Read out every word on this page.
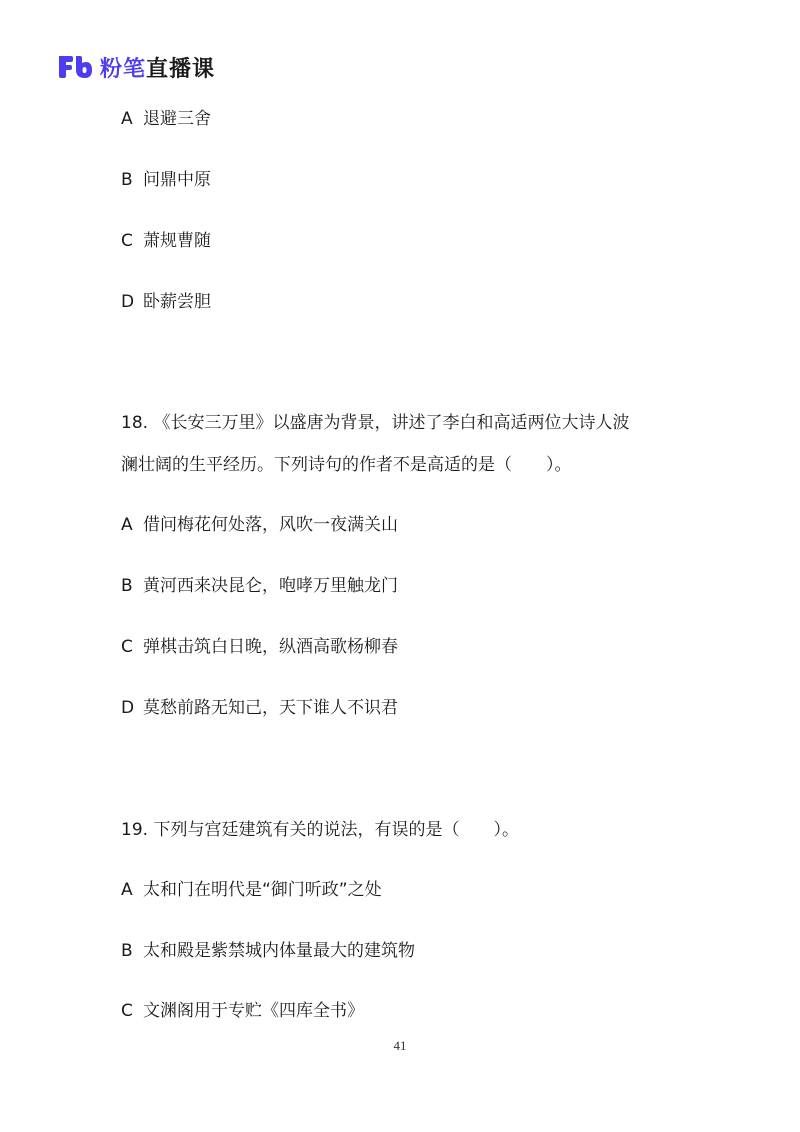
粉笔直播课
A 退避三舍
B 问鼎中原
C 萧规曹随
D 卧薪尝胆
18. 《长安三万里》以盛唐为背景，讲述了李白和高适两位大诗人波
澜壮阔的生平经历。下列诗句的作者不是高适的是（　　）。
A 借问梅花何处落，风吹一夜满关山
B 黄河西来决昆仑，咆哮万里触龙门
C 弹棋击筑白日晚，纵酒高歌杨柳春
D 莫愁前路无知己，天下谁人不识君
19. 下列与宫廷建筑有关的说法，有误的是（　　）。
A 太和门在明代是“御门听政”之处
B 太和殿是紫禁城内体量最大的建筑物
C 文渊阁用于专贮《四库全书》
41
